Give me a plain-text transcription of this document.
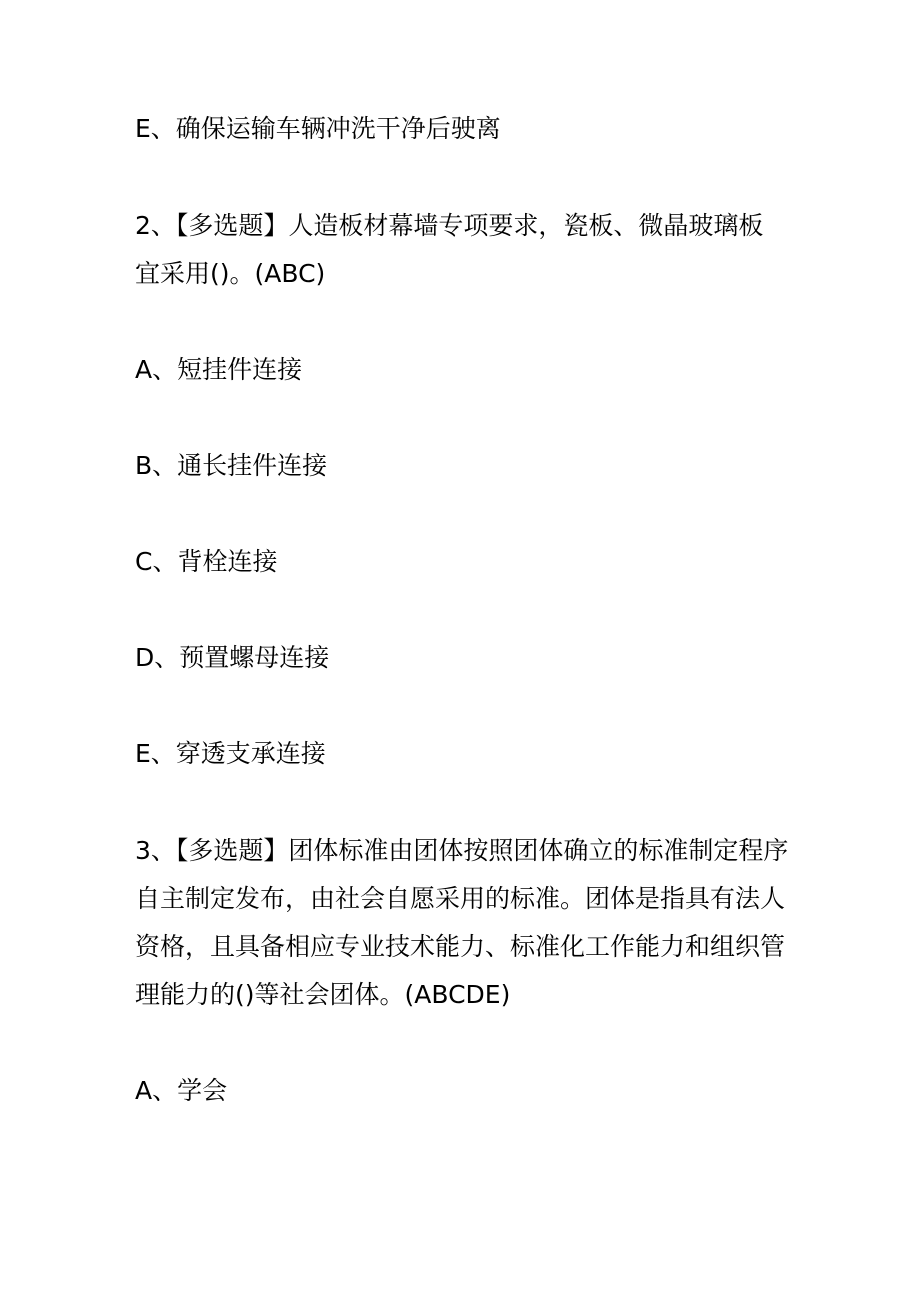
E、确保运输车辆冲洗干净后驶离
2、【多选题】人造板材幕墙专项要求，瓷板、微晶玻璃板
宜采用()。(ABC)
A、短挂件连接
B、通长挂件连接
C、背栓连接
D、预置螺母连接
E、穿透支承连接
3、【多选题】团体标准由团体按照团体确立的标准制定程序
自主制定发布，由社会自愿采用的标准。团体是指具有法人
资格，且具备相应专业技术能力、标准化工作能力和组织管
理能力的()等社会团体。(ABCDE)
A、学会
